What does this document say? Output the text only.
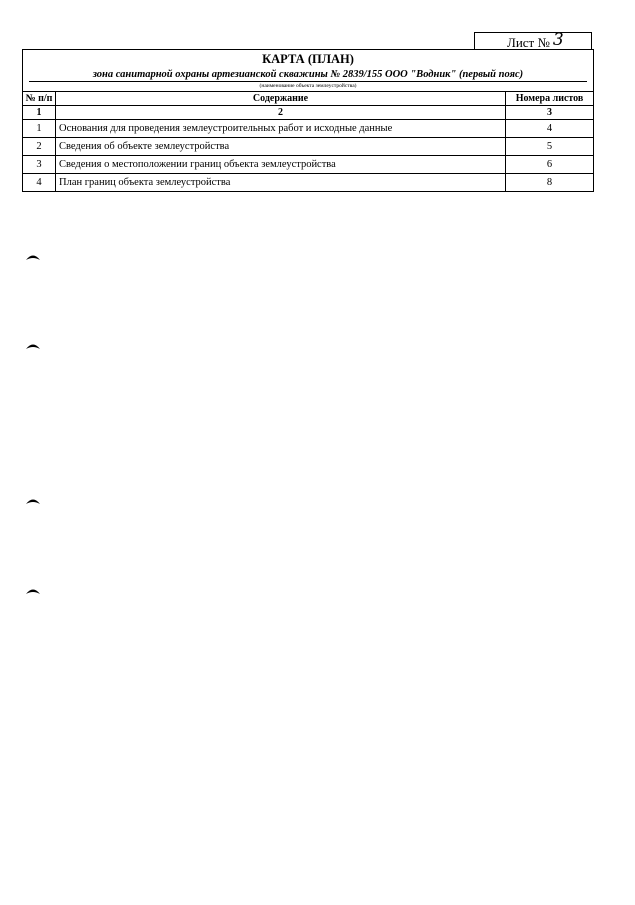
Лист № 3
КАРТА (ПЛАН)
зона санитарной охраны артезианской скважины № 2839/155 ООО "Водник" (первый пояс)
(наименование объекта землеустройства)		

№ п/п	Содержание	Номера листов
1	2	3
1	Основания для проведения землеустроительных работ и исходные данные	4
2	Сведения об объекте землеустройства	5
3	Сведения о местоположении границ объекта землеустройства	6
4	План границ объекта землеустройства	8
